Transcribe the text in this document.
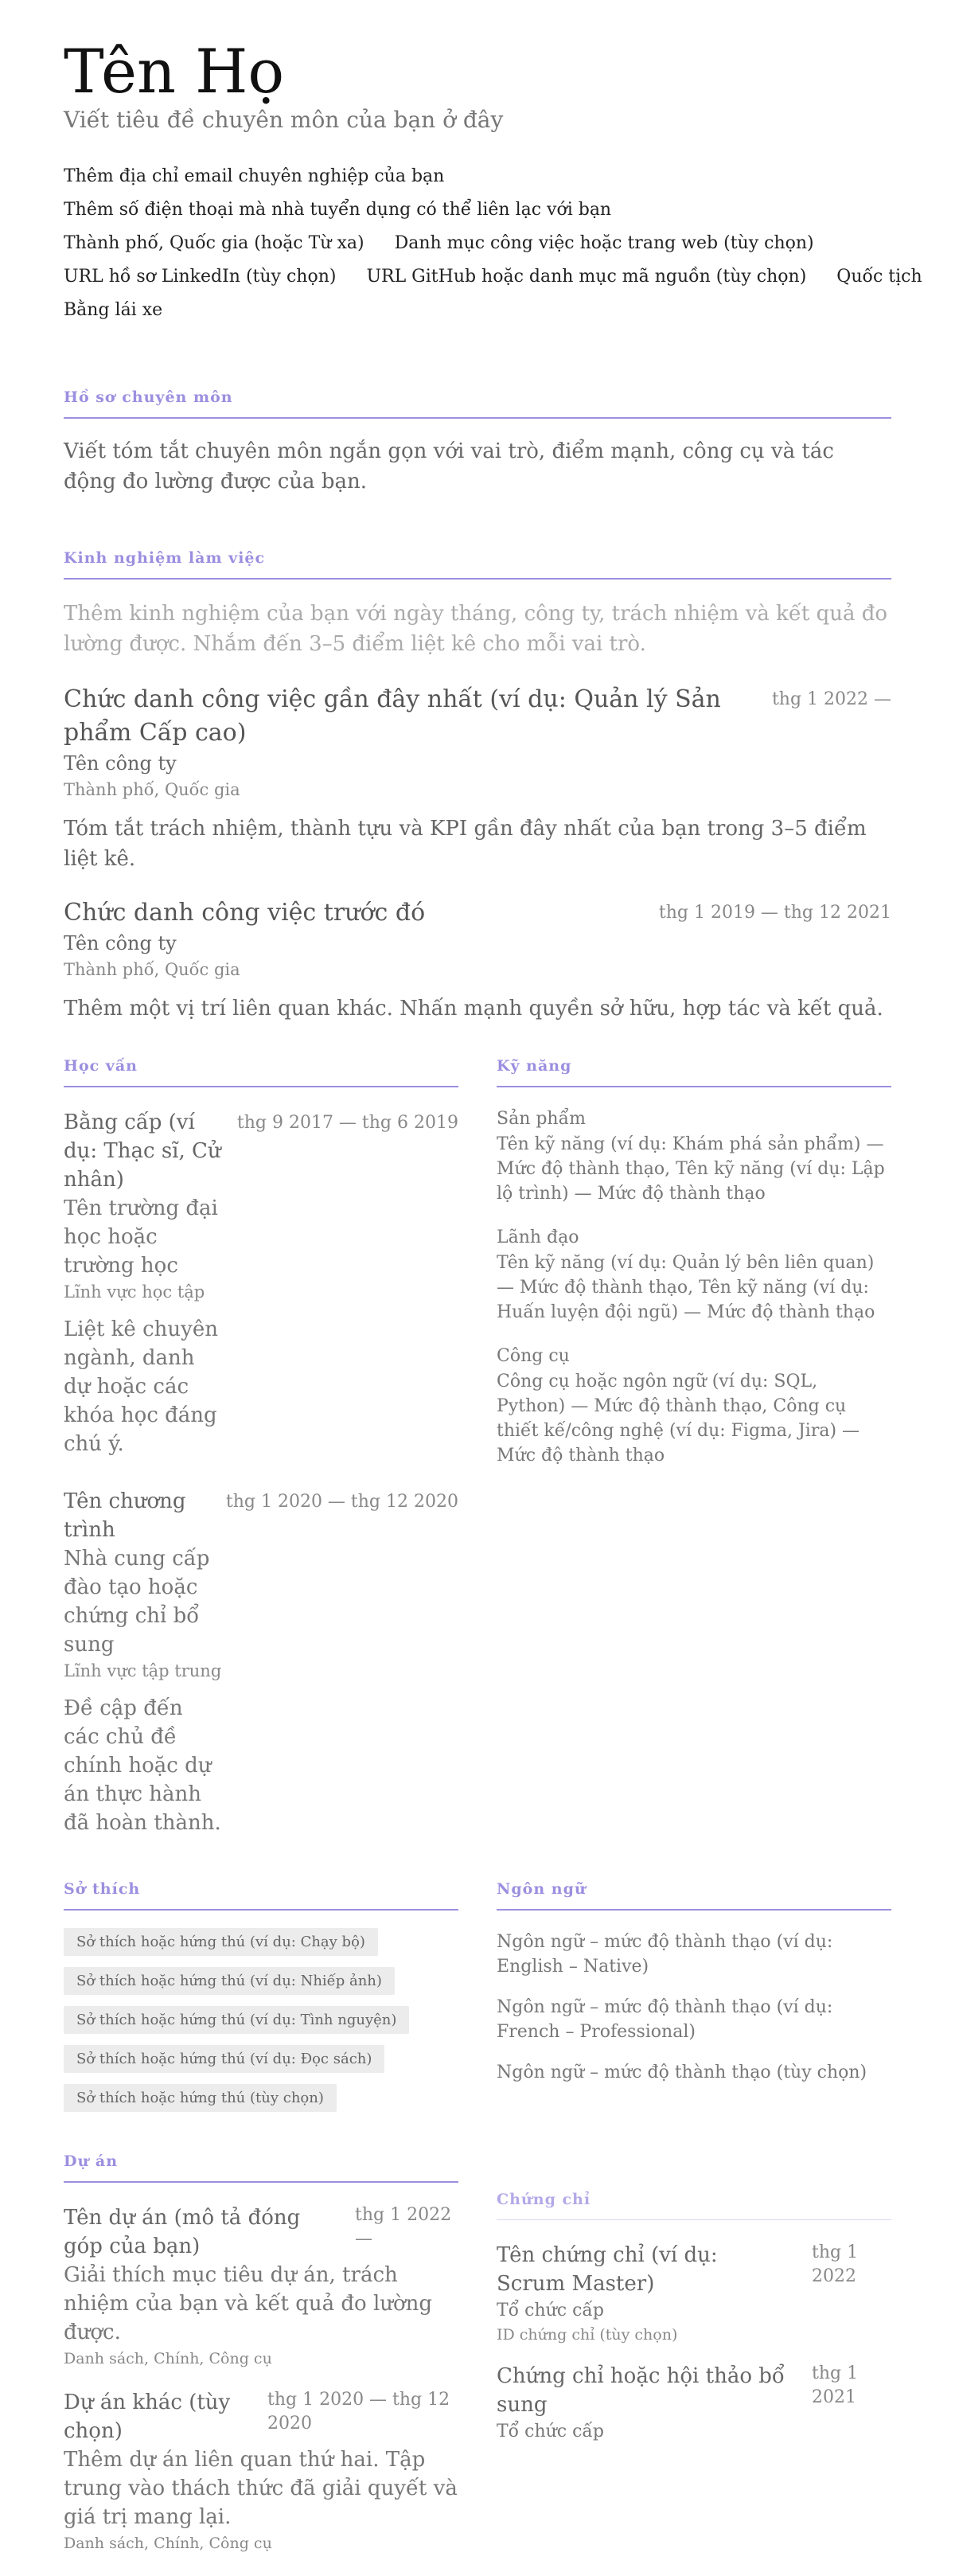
Tên Họ
Viết tiêu đề chuyên môn của bạn ở đây
Thêm địa chỉ email chuyên nghiệp của bạn
Thêm số điện thoại mà nhà tuyển dụng có thể liên lạc với bạn
Thành phố, Quốc gia (hoặc Từ xa) Danh mục công việc hoặc trang web (tùy chọn)
URL hồ sơ LinkedIn (tùy chọn) URL GitHub hoặc danh mục mã nguồn (tùy chọn) Quốc tịch
Bằng lái xe
Hồ sơ chuyên môn
Viết tóm tắt chuyên môn ngắn gọn với vai trò, điểm mạnh, công cụ và tác động đo lường được của bạn.
Kinh nghiệm làm việc
Thêm kinh nghiệm của bạn với ngày tháng, công ty, trách nhiệm và kết quả đo lường được. Nhắm đến 3–5 điểm liệt kê cho mỗi vai trò.
Chức danh công việc gần đây nhất (ví dụ: Quản lý Sản phẩm Cấp cao)
thg 1 2022 —
Tên công ty
Thành phố, Quốc gia
Tóm tắt trách nhiệm, thành tựu và KPI gần đây nhất của bạn trong 3–5 điểm liệt kê.
Chức danh công việc trước đó	thg 1 2019 — thg 12 2021
Tên công ty
Thành phố, Quốc gia
Thêm một vị trí liên quan khác. Nhấn mạnh quyền sở hữu, hợp tác và kết quả.
Học vấn
Bằng cấp (ví dụ: Thạc sĩ, Cử nhân)
Tên trường đại học hoặc trường học
Lĩnh vực học tập
Liệt kê chuyên ngành, danh dự hoặc các khóa học đáng chú ý.
thg 9 2017 — thg 6 2019
Tên chương trình
Nhà cung cấp đào tạo hoặc chứng chỉ bổ sung
Lĩnh vực tập trung
Đề cập đến các chủ đề chính hoặc dự án thực hành đã hoàn thành.
thg 1 2020 — thg 12 2020
Kỹ năng
Sản phẩm
Tên kỹ năng (ví dụ: Khám phá sản phẩm) — Mức độ thành thạo, Tên kỹ năng (ví dụ: Lập lộ trình) — Mức độ thành thạo
Lãnh đạo
Tên kỹ năng (ví dụ: Quản lý bên liên quan) — Mức độ thành thạo, Tên kỹ năng (ví dụ: Huấn luyện đội ngũ) — Mức độ thành thạo
Công cụ
Công cụ hoặc ngôn ngữ (ví dụ: SQL, Python) — Mức độ thành thạo, Công cụ thiết kế/công nghệ (ví dụ: Figma, Jira) — Mức độ thành thạo
Sở thích
Sở thích hoặc hứng thú (ví dụ: Chạy bộ)
Sở thích hoặc hứng thú (ví dụ: Nhiếp ảnh)
Sở thích hoặc hứng thú (ví dụ: Tình nguyện)
Sở thích hoặc hứng thú (ví dụ: Đọc sách)
Sở thích hoặc hứng thú (tùy chọn)
Ngôn ngữ
Ngôn ngữ – mức độ thành thạo (ví dụ: English – Native)
Ngôn ngữ – mức độ thành thạo (ví dụ: French – Professional)
Ngôn ngữ – mức độ thành thạo (tùy chọn)
Dự án
Tên dự án (mô tả đóng góp của bạn)
thg 1 2022 —
Giải thích mục tiêu dự án, trách nhiệm của bạn và kết quả đo lường được.
Danh sách, Chính, Công cụ
Dự án khác (tùy chọn)
thg 1 2020 — thg 12 2020
Thêm dự án liên quan thứ hai. Tập trung vào thách thức đã giải quyết và giá trị mang lại.
Danh sách, Chính, Công cụ
Chứng chỉ
Tên chứng chỉ (ví dụ: Scrum Master)
thg 1 2022
Tổ chức cấp
ID chứng chỉ (tùy chọn)
Chứng chỉ hoặc hội thảo bổ sung
thg 1 2021
Tổ chức cấp
